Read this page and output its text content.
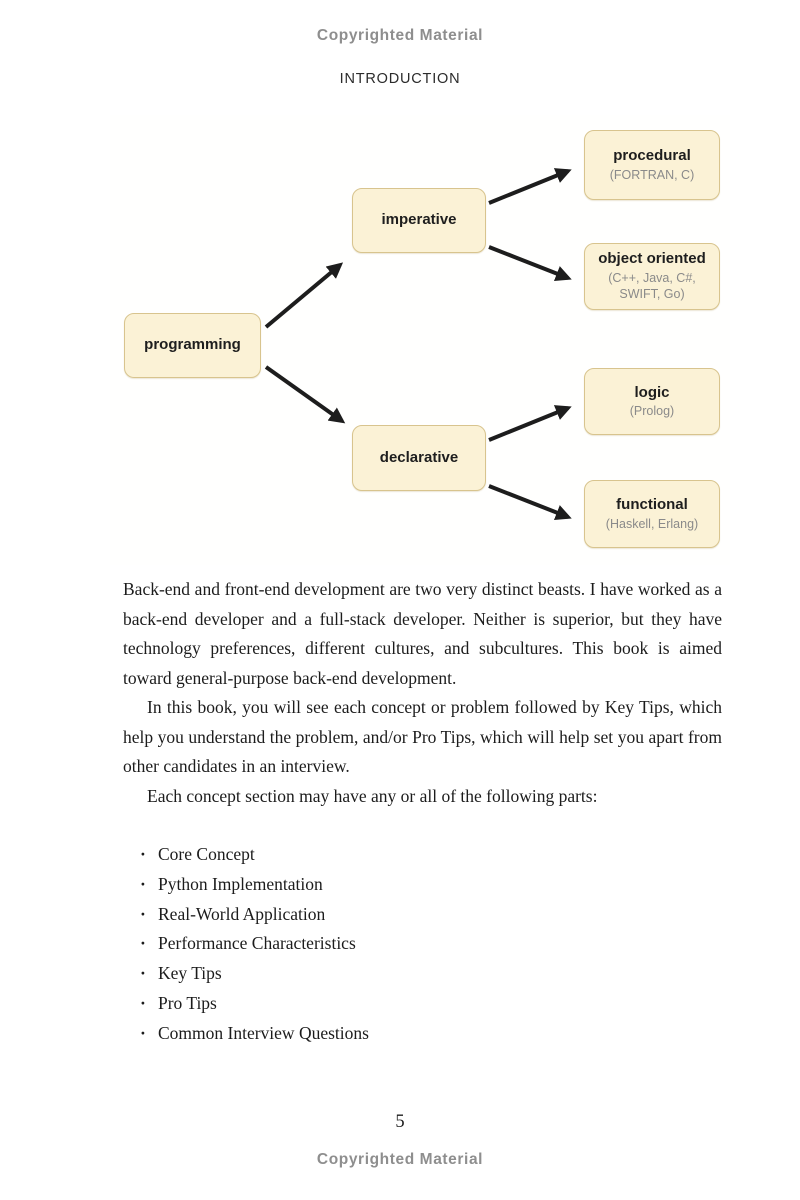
Copyrighted Material
INTRODUCTION
programming
imperative
declarative
procedural
(FORTRAN, C)
object oriented
(C++, Java, C#, SWIFT, Go)
logic
(Prolog)
functional
(Haskell, Erlang)

Back-end and front-end development are two very distinct beasts. I have worked as a back-end developer and a full-stack developer. Neither is superior, but they have technology preferences, different cultures, and subcultures. This book is aimed toward general-purpose back-end development.

In this book, you will see each concept or problem followed by Key Tips, which help you understand the problem, and/or Pro Tips, which will help set you apart from other candidates in an interview.

Each concept section may have any or all of the following parts:

· Core Concept
· Python Implementation
· Real-World Application
· Performance Characteristics
· Key Tips
· Pro Tips
· Common Interview Questions
5
Copyrighted Material
